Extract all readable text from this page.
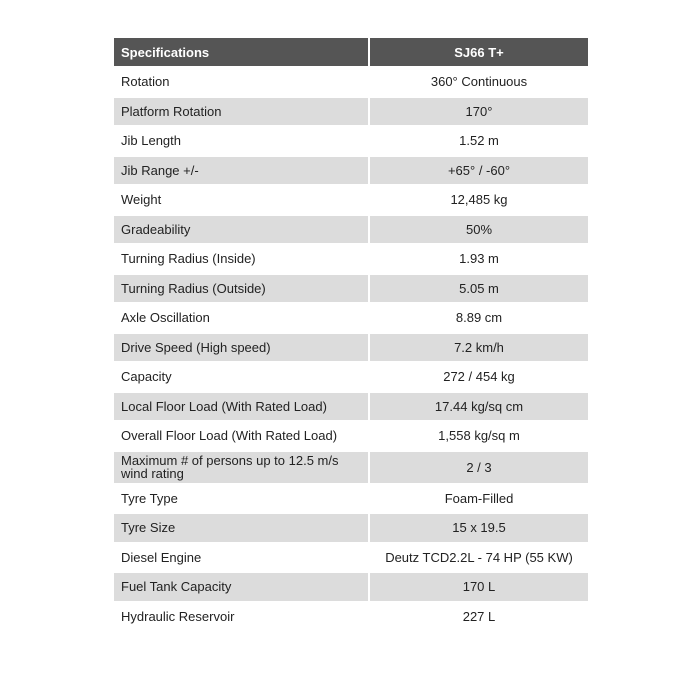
Specifications	SJ66 T+
Rotation	360° Continuous
Platform Rotation	170°
Jib Length	1.52 m
Jib Range +/-	+65° / -60°
Weight	12,485 kg
Gradeability	50%
Turning Radius (Inside)	1.93 m
Turning Radius (Outside)	5.05 m
Axle Oscillation	8.89 cm
Drive Speed (High speed)	7.2 km/h
Capacity	272 / 454 kg
Local Floor Load (With Rated Load)	17.44 kg/sq cm
Overall Floor Load (With Rated Load)	1,558 kg/sq m
Maximum # of persons up to 12.5 m/s wind rating	2 / 3
Tyre Type	Foam-Filled
Tyre Size	15 x 19.5
Diesel Engine	Deutz TCD2.2L - 74 HP (55 KW)
Fuel Tank Capacity	170 L
Hydraulic Reservoir	227 L
